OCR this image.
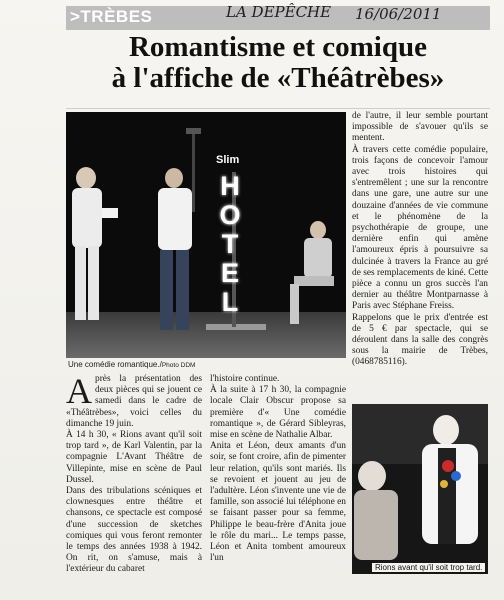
>TRÈBES	LA DEPÊCHE 16/06/2011
Romantisme et comique
à l'affiche de «Théâtrèbes»
Slim
H
O
T
E
L
Une comédie romantique./Photo DDM

Après la présentation des deux pièces qui se jouent ce samedi dans le cadre de «Théâtrèbes», voici celles du dimanche 19 juin.

À 14 h 30, « Rions avant qu'il soit trop tard », de Karl Valentin, par la compagnie L'Avant Théâtre de Villepinte, mise en scène de Paul Dussel.

Dans des tribulations scéniques et clownesques entre théâtre et chansons, ce spectacle est composé d'une succession de sketches comiques qui vous feront remonter le temps des années 1938 à 1942. On rit, on s'amuse, mais à l'extérieur du cabaret

l'histoire continue.

À la suite à 17 h 30, la compagnie locale Clair Obscur propose sa première d'« Une comédie romantique », de Gérard Sibleyras, mise en scène de Nathalie Albar.

Anita et Léon, deux amants d'un soir, se font croire, afin de pimenter leur relation, qu'ils sont mariés. Ils se revoient et jouent au jeu de l'adultère. Léon s'invente une vie de famille, son associé lui téléphone en se faisant passer pour sa femme, Philippe le beau-frère d'Anita joue le rôle du mari... Le temps passe, Léon et Anita tombent amoureux l'un

de l'autre, il leur semble pourtant impossible de s'avouer qu'ils se mentent.

À travers cette comédie populaire, trois façons de concevoir l'amour avec trois histoires qui s'entremêlent ; une sur la rencontre dans une gare, une autre sur une douzaine d'années de vie commune et le phénomène de la psychothérapie de groupe, une dernière enfin qui amène l'amoureux épris à poursuivre sa dulcinée à travers la France au gré de ses remplacements de kiné. Cette pièce a connu un gros succès l'an dernier au théâtre Montparnasse à Paris avec Stéphane Freiss.

Rappelons que le prix d'entrée est de 5 € par spectacle, qui se déroulent dans la salle des congrès sous la mairie de Trèbes, (0468785116).

Rions avant qu'il soit trop tard.
